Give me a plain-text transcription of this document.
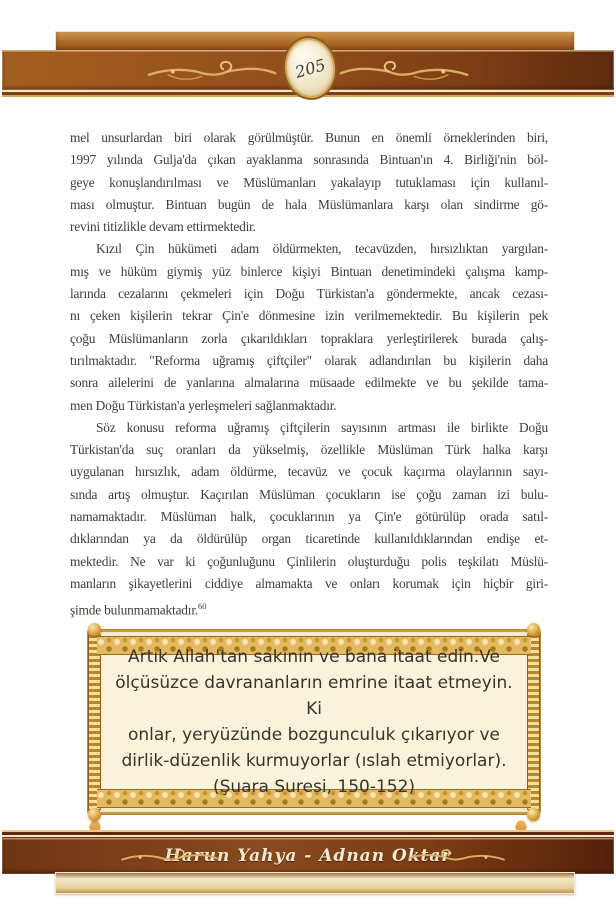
205
mel unsurlardan biri olarak görülmüştür. Bunun en önemli örneklerinden biri,
1997 yılında Gulja'da çıkan ayaklanma sonrasında Bintuan'ın 4. Birliği'nin böl-
geye konuşlandırılması ve Müslümanları yakalayıp tutuklaması için kullanıl-
ması olmuştur. Bintuan bugün de hala Müslümanlara karşı olan sindirme gö-
revini titizlikle devam ettirmektedir.
Kızıl Çin hükümeti adam öldürmekten, tecavüzden, hırsızlıktan yargılan-
mış ve hüküm giymiş yüz binlerce kişiyi Bintuan denetimindeki çalışma kamp-
larında cezalarını çekmeleri için Doğu Türkistan'a göndermekte, ancak cezası-
nı çeken kişilerin tekrar Çin'e dönmesine izin verilmemektedir. Bu kişilerin pek
çoğu Müslümanların zorla çıkarıldıkları topraklara yerleştirilerek burada çalış-
tırılmaktadır. "Reforma uğramış çiftçiler" olarak adlandırılan bu kişilerin daha
sonra ailelerini de yanlarına almalarına müsaade edilmekte ve bu şekilde tama-
men Doğu Türkistan'a yerleşmeleri sağlanmaktadır.
Söz konusu reforma uğramış çiftçilerin sayısının artması ile birlikte Doğu
Türkistan'da suç oranları da yükselmiş, özellikle Müslüman Türk halka karşı
uygulanan hırsızlık, adam öldürme, tecavüz ve çocuk kaçırma olaylarının sayı-
sında artış olmuştur. Kaçırılan Müslüman çocukların ise çoğu zaman izi bulu-
namamaktadır. Müslüman halk, çocuklarının ya Çin'e götürülüp orada satıl-
dıklarından ya da öldürülüp organ ticaretinde kullanıldıklarından endişe et-
mektedir. Ne var ki çoğunluğunu Çinlilerin oluşturduğu polis teşkilatı Müslü-
manların şikayetlerini ciddiye almamakta ve onları korumak için hiçbir giri-
şimde bulunmamaktadır.$^{60}$
Artık Allah'tan sakının ve bana itaat edin.Ve
ölçüsüzce davrananların emrine itaat etmeyin. Ki
onlar, yeryüzünde bozgunculuk çıkarıyor ve
dirlik-düzenlik kurmuyorlar (ıslah etmiyorlar).
(Şuara Suresi, 150-152)
Harun Yahya - Adnan Oktar
